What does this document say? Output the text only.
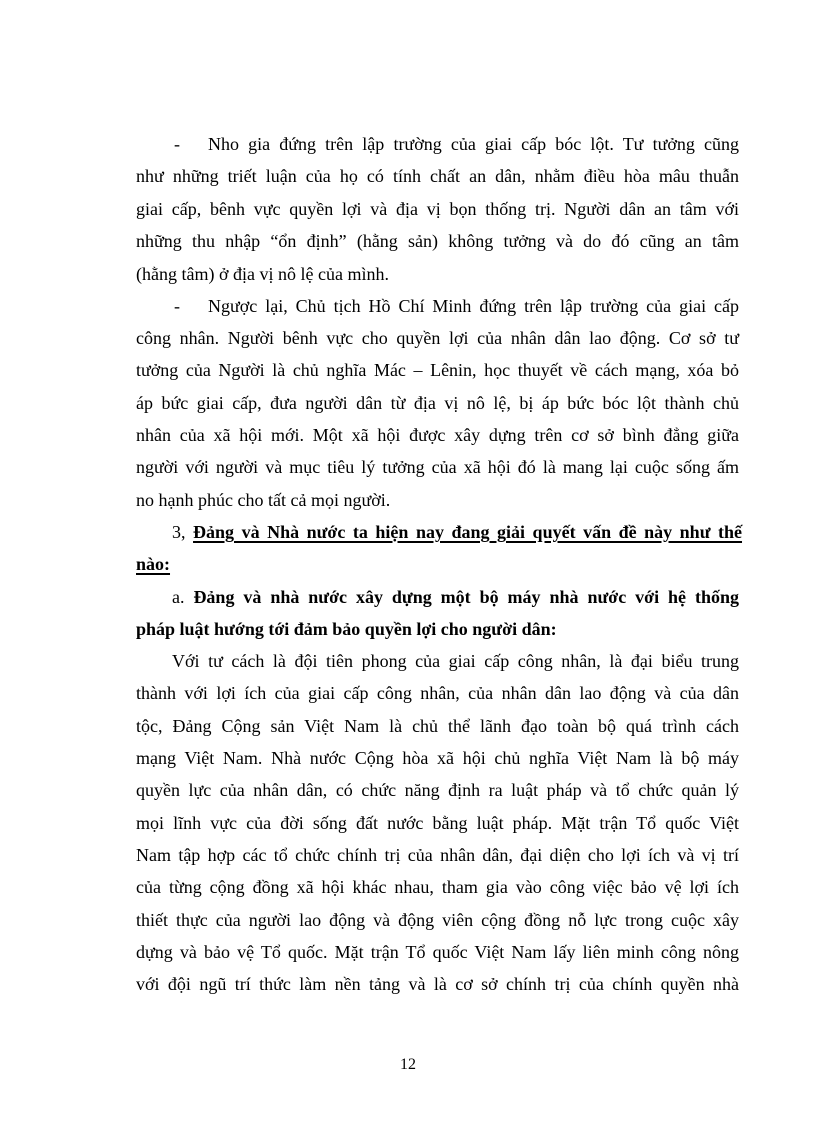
- Nho gia đứng trên lập trường của giai cấp bóc lột. Tư tưởng cũng
như những triết luận của họ có tính chất an dân, nhằm điều hòa mâu thuẫn
giai cấp, bênh vực quyền lợi và địa vị bọn thống trị. Người dân an tâm với
những thu nhập “ổn định” (hằng sản) không tưởng và do đó cũng an tâm
(hằng tâm) ở địa vị nô lệ của mình.
- Ngược lại, Chủ tịch Hồ Chí Minh đứng trên lập trường của giai cấp
công nhân. Người bênh vực cho quyền lợi của nhân dân lao động. Cơ sở tư
tưởng của Người là chủ nghĩa Mác – Lênin, học thuyết về cách mạng, xóa bỏ
áp bức giai cấp, đưa người dân từ địa vị nô lệ, bị áp bức bóc lột thành chủ
nhân của xã hội mới. Một xã hội được xây dựng trên cơ sở bình đẳng giữa
người với người và mục tiêu lý tưởng của xã hội đó là mang lại cuộc sống ấm
no hạnh phúc cho tất cả mọi người.
3, Đảng và Nhà nước ta hiện nay đang giải quyết vấn đề này như thế
nào:
a. Đảng và nhà nước xây dựng một bộ máy nhà nước với hệ thống
pháp luật hướng tới đảm bảo quyền lợi cho người dân:
Với tư cách là đội tiên phong của giai cấp công nhân, là đại biểu trung
thành với lợi ích của giai cấp công nhân, của nhân dân lao động và của dân
tộc, Đảng Cộng sản Việt Nam là chủ thể lãnh đạo toàn bộ quá trình cách
mạng Việt Nam. Nhà nước Cộng hòa xã hội chủ nghĩa Việt Nam là bộ máy
quyền lực của nhân dân, có chức năng định ra luật pháp và tổ chức quản lý
mọi lĩnh vực của đời sống đất nước bằng luật pháp. Mặt trận Tổ quốc Việt
Nam tập hợp các tổ chức chính trị của nhân dân, đại diện cho lợi ích và vị trí
của từng cộng đồng xã hội khác nhau, tham gia vào công việc bảo vệ lợi ích
thiết thực của người lao động và động viên cộng đồng nỗ lực trong cuộc xây
dựng và bảo vệ Tổ quốc. Mặt trận Tổ quốc Việt Nam lấy liên minh công nông
với đội ngũ trí thức làm nền tảng và là cơ sở chính trị của chính quyền nhà
12
